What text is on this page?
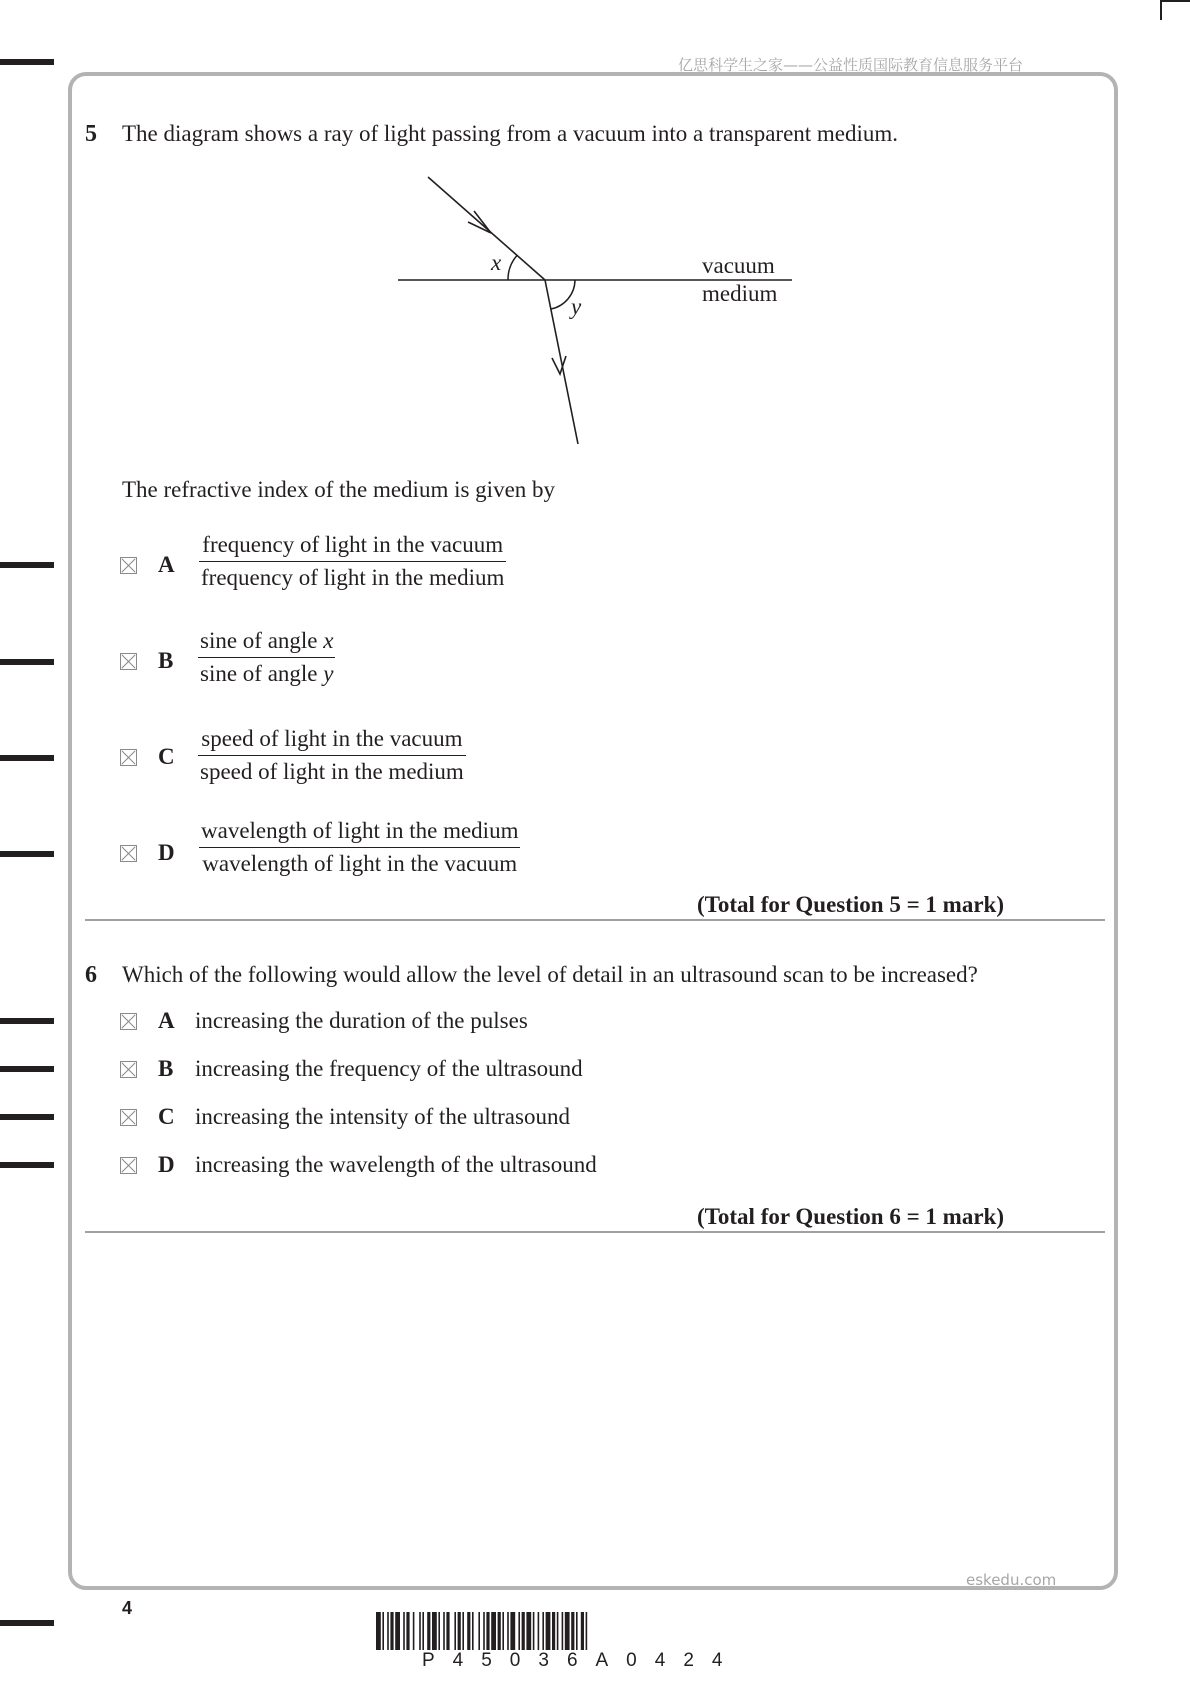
亿思科学生之家——公益性质国际教育信息服务平台
5 The diagram shows a ray of light passing from a vacuum into a transparent medium.
x
y
vacuum
medium
The refractive index of the medium is given by
A
frequency of light in the vacuum
frequency of light in the medium
B
sine of angle x
sine of angle y
C
speed of light in the vacuum
speed of light in the medium
D
wavelength of light in the medium
wavelength of light in the vacuum
(Total for Question 5 = 1 mark)
6 Which of the following would allow the level of detail in an ultrasound scan to be increased?
A increasing the duration of the pulses
B increasing the frequency of the ultrasound
C increasing the intensity of the ultrasound
D increasing the wavelength of the ultrasound
(Total for Question 6 = 1 mark)
eskedu.com
4
P45036A0424
